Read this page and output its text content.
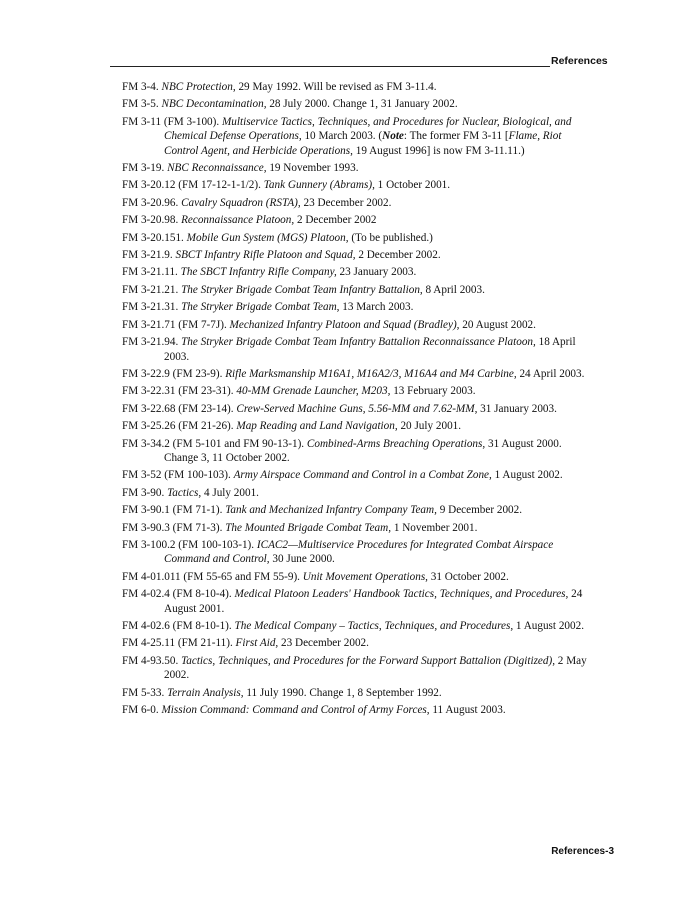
References

FM 3-4. NBC Protection, 29 May 1992. Will be revised as FM 3-11.4.

FM 3-5. NBC Decontamination, 28 July 2000. Change 1, 31 January 2002.

FM 3-11 (FM 3-100). Multiservice Tactics, Techniques, and Procedures for Nuclear, Biological, and Chemical Defense Operations, 10 March 2003. (Note: The former FM 3-11 [Flame, Riot Control Agent, and Herbicide Operations, 19 August 1996] is now FM 3-11.11.)

FM 3-19. NBC Reconnaissance, 19 November 1993.

FM 3-20.12 (FM 17-12-1-1/2). Tank Gunnery (Abrams), 1 October 2001.

FM 3-20.96. Cavalry Squadron (RSTA), 23 December 2002.

FM 3-20.98. Reconnaissance Platoon, 2 December 2002

FM 3-20.151. Mobile Gun System (MGS) Platoon, (To be published.)

FM 3-21.9. SBCT Infantry Rifle Platoon and Squad, 2 December 2002.

FM 3-21.11. The SBCT Infantry Rifle Company, 23 January 2003.

FM 3-21.21. The Stryker Brigade Combat Team Infantry Battalion, 8 April 2003.

FM 3-21.31. The Stryker Brigade Combat Team, 13 March 2003.

FM 3-21.71 (FM 7-7J). Mechanized Infantry Platoon and Squad (Bradley), 20 August 2002.

FM 3-21.94. The Stryker Brigade Combat Team Infantry Battalion Reconnaissance Platoon, 18 April 2003.

FM 3-22.9 (FM 23-9). Rifle Marksmanship M16A1, M16A2/3, M16A4 and M4 Carbine, 24 April 2003.

FM 3-22.31 (FM 23-31). 40-MM Grenade Launcher, M203, 13 February 2003.

FM 3-22.68 (FM 23-14). Crew-Served Machine Guns, 5.56-MM and 7.62-MM, 31 January 2003.

FM 3-25.26 (FM 21-26). Map Reading and Land Navigation, 20 July 2001.

FM 3-34.2 (FM 5-101 and FM 90-13-1). Combined-Arms Breaching Operations, 31 August 2000. Change 3, 11 October 2002.

FM 3-52 (FM 100-103). Army Airspace Command and Control in a Combat Zone, 1 August 2002.

FM 3-90. Tactics, 4 July 2001.

FM 3-90.1 (FM 71-1). Tank and Mechanized Infantry Company Team, 9 December 2002.

FM 3-90.3 (FM 71-3). The Mounted Brigade Combat Team, 1 November 2001.

FM 3-100.2 (FM 100-103-1). ICAC2—Multiservice Procedures for Integrated Combat Airspace Command and Control, 30 June 2000.

FM 4-01.011 (FM 55-65 and FM 55-9). Unit Movement Operations, 31 October 2002.

FM 4-02.4 (FM 8-10-4). Medical Platoon Leaders' Handbook Tactics, Techniques, and Procedures, 24 August 2001.

FM 4-02.6 (FM 8-10-1). The Medical Company – Tactics, Techniques, and Procedures, 1 August 2002.

FM 4-25.11 (FM 21-11). First Aid, 23 December 2002.

FM 4-93.50. Tactics, Techniques, and Procedures for the Forward Support Battalion (Digitized), 2 May 2002.

FM 5-33. Terrain Analysis, 11 July 1990. Change 1, 8 September 1992.

FM 6-0. Mission Command: Command and Control of Army Forces, 11 August 2003.

References-3
